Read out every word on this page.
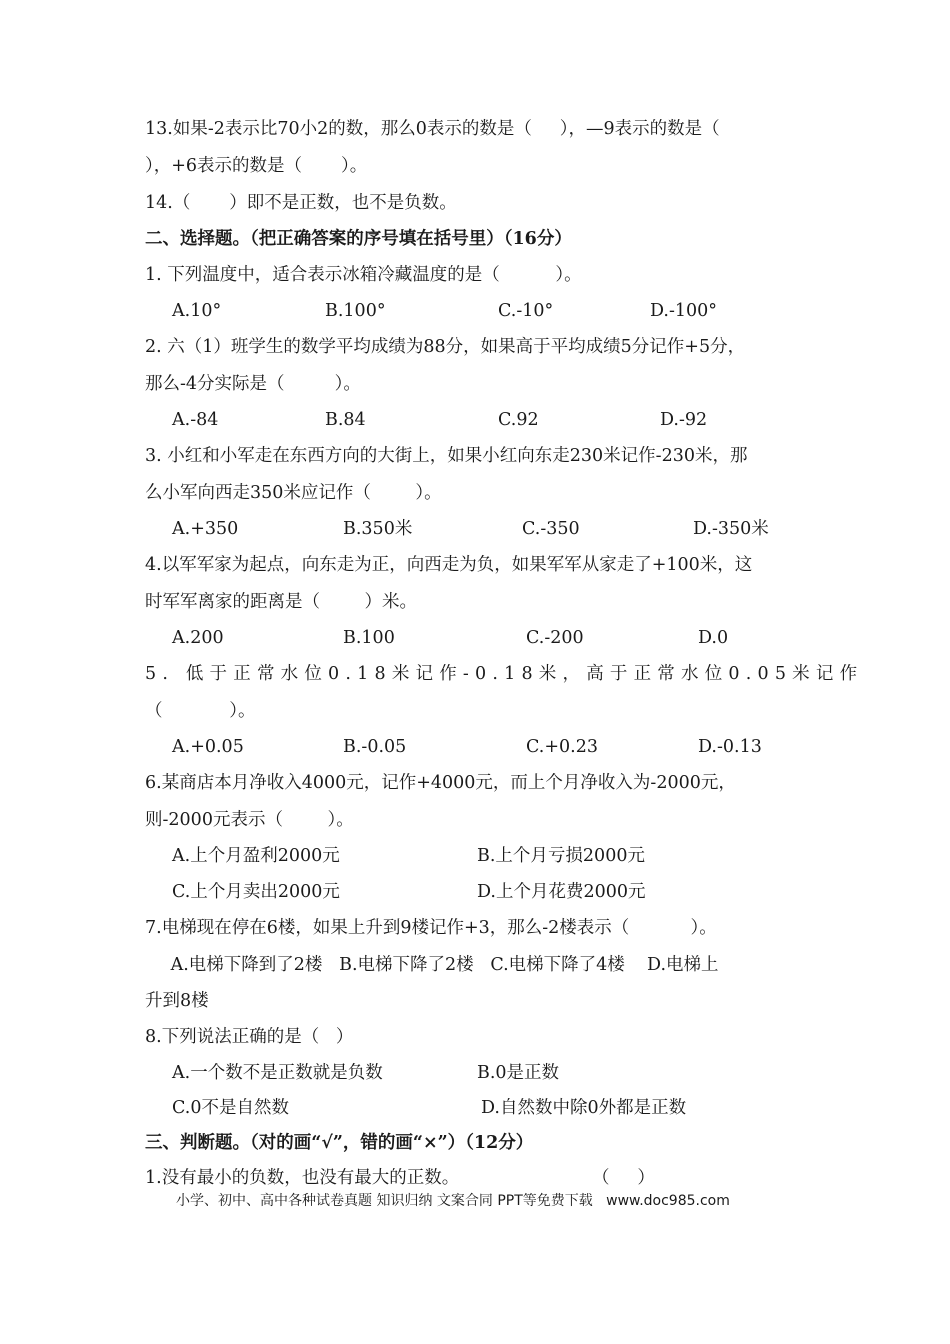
13.如果-2表示比70小2的数，那么0表示的数是（     ），—9表示的数是（
），+6表示的数是（       ）。
14.（       ）即不是正数，也不是负数。
二、选择题。（把正确答案的序号填在括号里）（16分）
1. 下列温度中，适合表示冰箱冷藏温度的是（          ）。
A.10°	B.100°	C.-10°	D.-100°
2. 六（1）班学生的数学平均成绩为88分，如果高于平均成绩5分记作+5分，
那么-4分实际是（         ）。
A.-84	B.84	C.92	D.-92
3. 小红和小军走在东西方向的大街上，如果小红向东走230米记作-230米，那
么小军向西走350米应记作（        ）。
A.+350	B.350米	C.-350	D.-350米
4.以军军家为起点，向东走为正，向西走为负，如果军军从家走了+100米，这
时军军离家的距离是（        ）米。
A.200	B.100	C.-200	D.0
5. 低于正常水位0.18米记作-0.18米，高于正常水位0.05米记作
（            ）。
A.+0.05	B.-0.05	C.+0.23	D.-0.13
6.某商店本月净收入4000元，记作+4000元，而上个月净收入为-2000元，
则-2000元表示（        ）。
A.上个月盈利2000元	B.上个月亏损2000元
C.上个月卖出2000元	D.上个月花费2000元
7.电梯现在停在6楼，如果上升到9楼记作+3，那么-2楼表示（           ）。
A.电梯下降到了2楼   B.电梯下降了2楼   C.电梯下降了4楼    D.电梯上
升到8楼
8.下列说法正确的是（   ）
A.一个数不是正数就是负数	B.0是正数
C.0不是自然数	D.自然数中除0外都是正数
三、判断题。（对的画“√”，错的画“×”）（12分）
1.没有最小的负数，也没有最大的正数。	（     ）
小学、初中、高中各种试卷真题 知识归纳 文案合同 PPT等免费下载   www.doc985.com
